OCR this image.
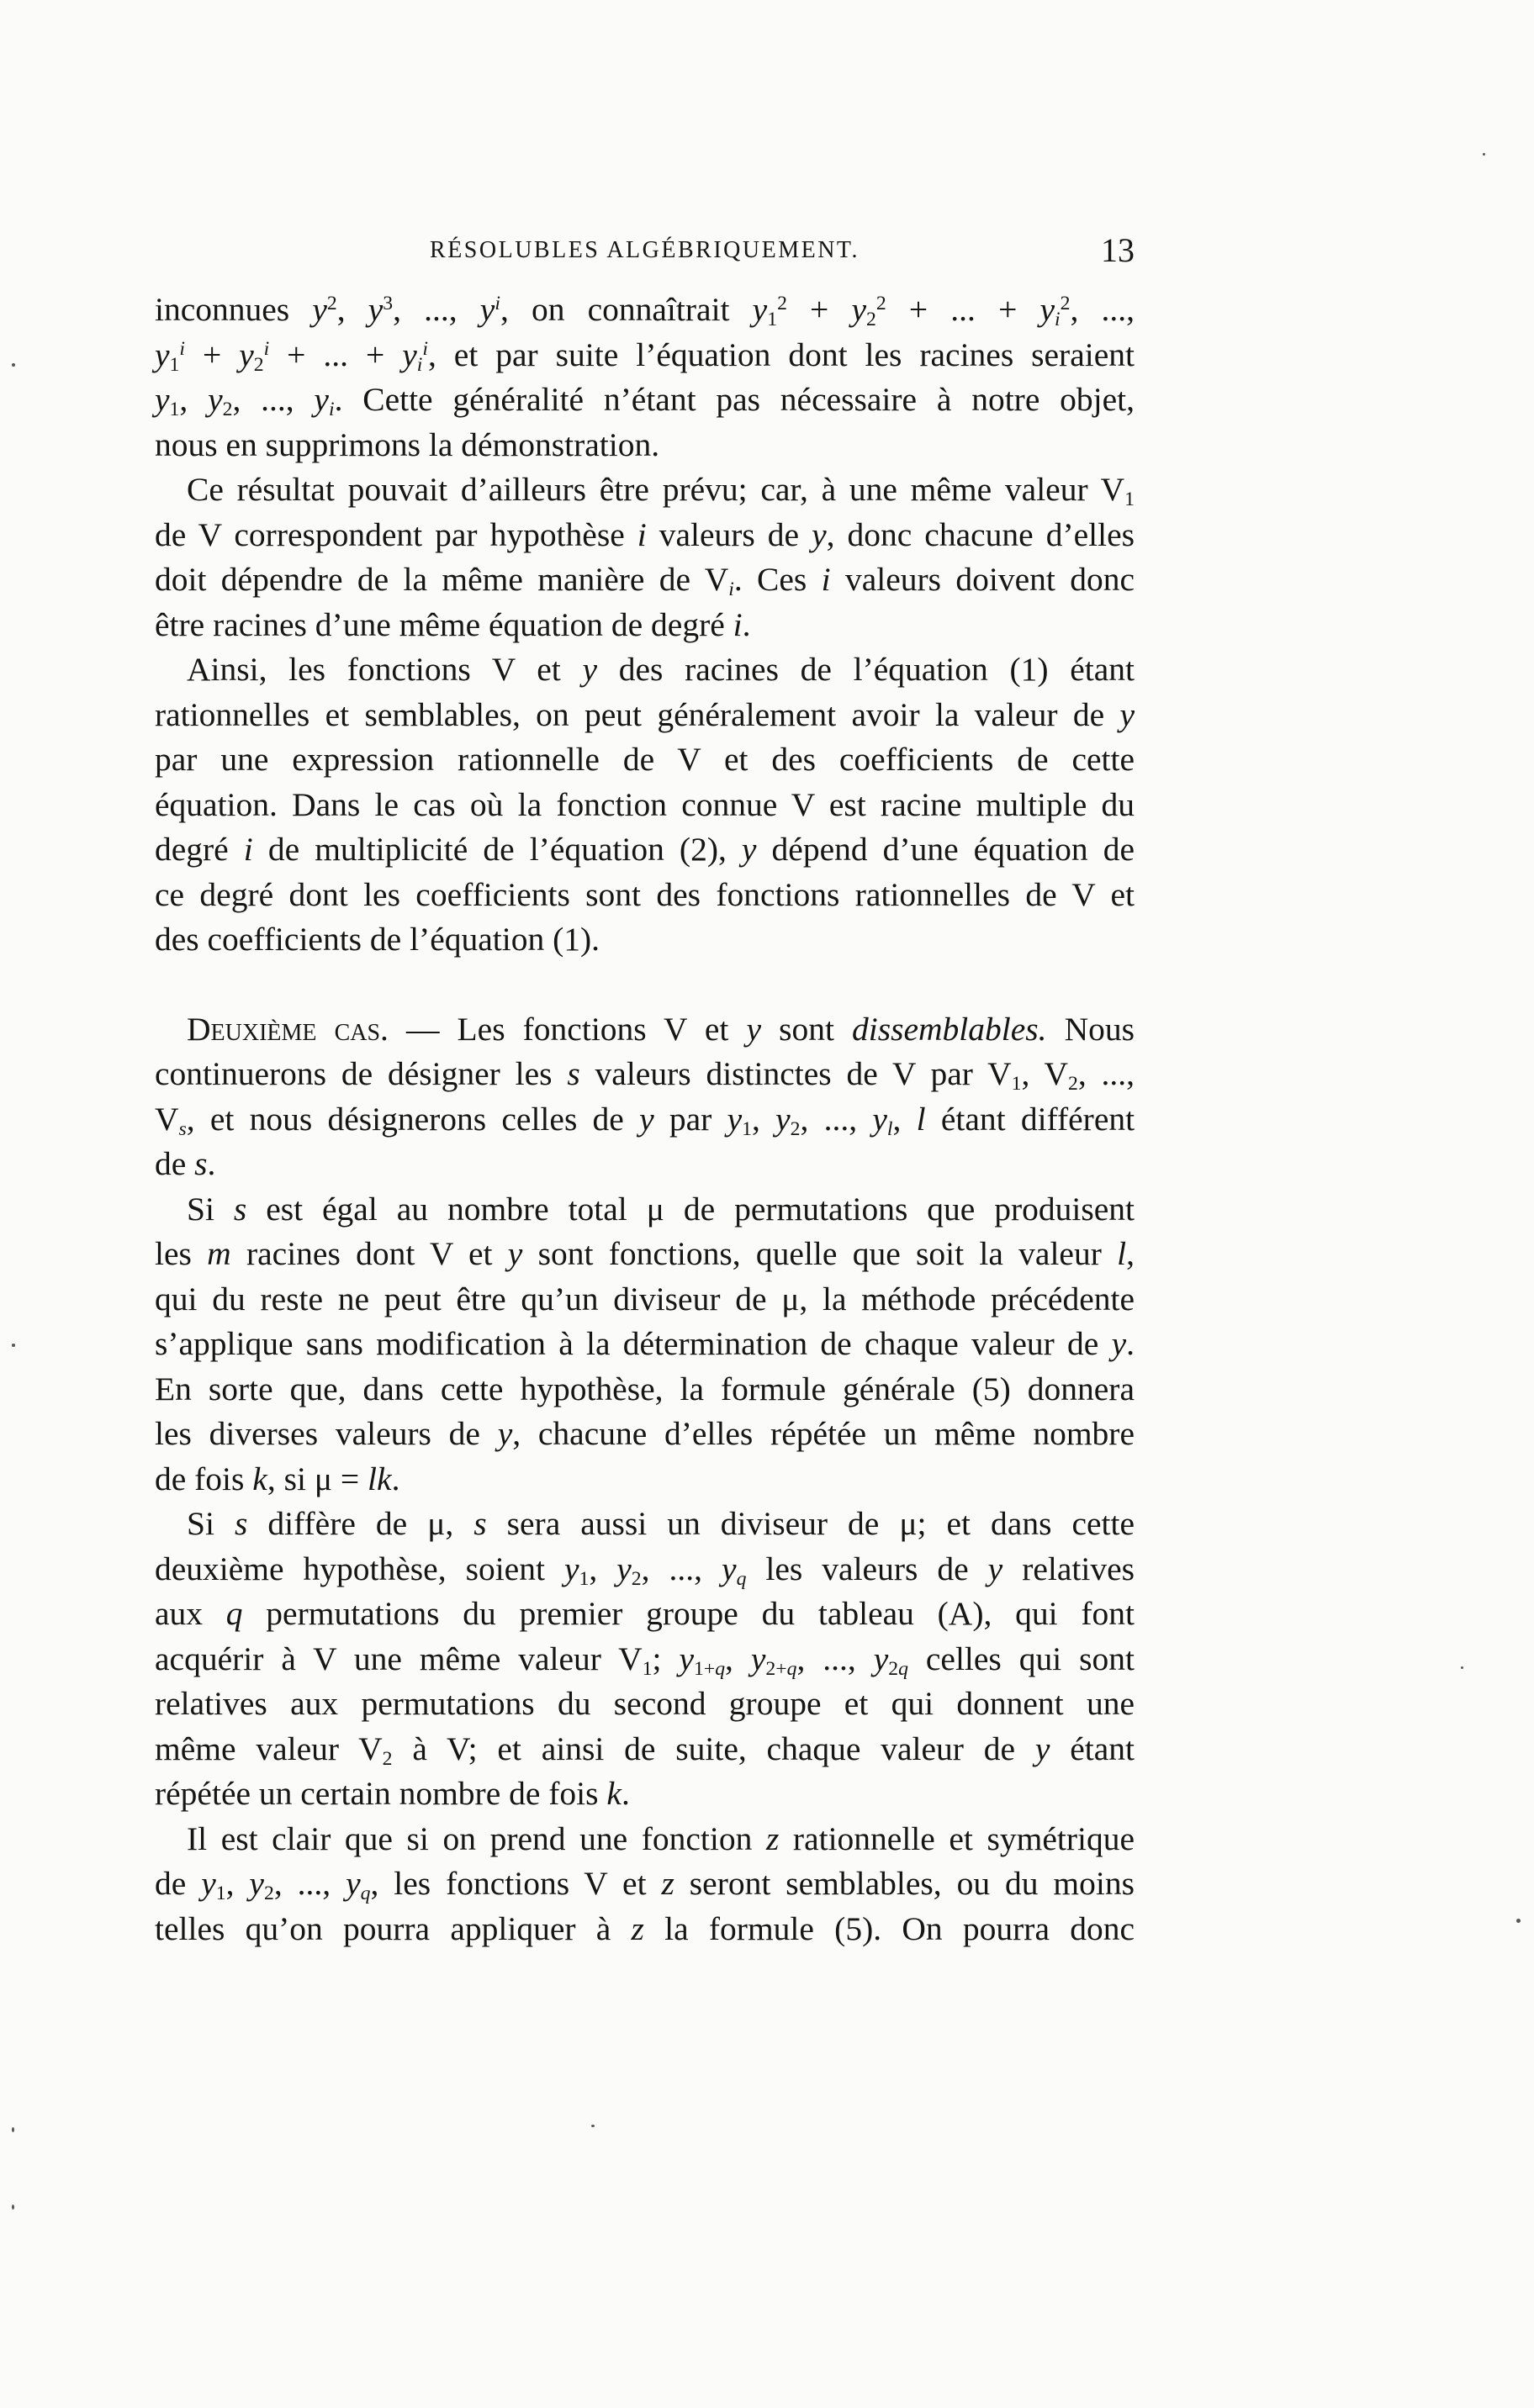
RÉSOLUBLES ALGÉBRIQUEMENT.	13
inconnues $y^2$, $y^3$, ..., $y^i$, on connaîtrait $y_1^2 + y_2^2$ + ... + $y_i^2$, ...,
$y_1^i + y_2^i$ + ... + $y_i^i$, et par suite l’équation dont les racines seraient
$y_1$, $y_2$, ..., $y_i$. Cette généralité n’étant pas nécessaire à notre objet,
nous en supprimons la démonstration.
Ce résultat pouvait d’ailleurs être prévu; car, à une même valeur $V_1$
de V correspondent par hypothèse i valeurs de y, donc chacune d’elles
doit dépendre de la même manière de $V_i$. Ces i valeurs doivent donc
être racines d’une même équation de degré i.
Ainsi, les fonctions V et y des racines de l’équation (1) étant
rationnelles et semblables, on peut généralement avoir la valeur de y
par une expression rationnelle de V et des coefficients de cette
équation. Dans le cas où la fonction connue V est racine multiple du
degré i de multiplicité de l’équation (2), y dépend d’une équation de
ce degré dont les coefficients sont des fonctions rationnelles de V et
des coefficients de l’équation (1).
Deuxième cas. — Les fonctions V et y sont dissemblables. Nous
continuerons de désigner les s valeurs distinctes de V par $V_1$, $V_2$, ...,
$V_s$, et nous désignerons celles de y par $y_1$, $y_2$, ..., $y_l$, l étant différent
de s.
Si s est égal au nombre total μ de permutations que produisent
les m racines dont V et y sont fonctions, quelle que soit la valeur l,
qui du reste ne peut être qu’un diviseur de μ, la méthode précédente
s’applique sans modification à la détermination de chaque valeur de y.
En sorte que, dans cette hypothèse, la formule générale (5) donnera
les diverses valeurs de y, chacune d’elles répétée un même nombre
de fois k, si μ = lk.
Si s diffère de μ, s sera aussi un diviseur de μ; et dans cette
deuxième hypothèse, soient $y_1$, $y_2$, ..., $y_q$ les valeurs de y relatives
aux q permutations du premier groupe du tableau (A), qui font
acquérir à V une même valeur $V_1$; $y_{1+q}$, $y_{2+q}$, ..., $y_{2q}$ celles qui sont
relatives aux permutations du second groupe et qui donnent une
même valeur $V_2$ à V; et ainsi de suite, chaque valeur de y étant
répétée un certain nombre de fois k.
Il est clair que si on prend une fonction z rationnelle et symétrique
de $y_1$, $y_2$, ..., $y_q$, les fonctions V et z seront semblables, ou du moins
telles qu’on pourra appliquer à z la formule (5). On pourra donc
